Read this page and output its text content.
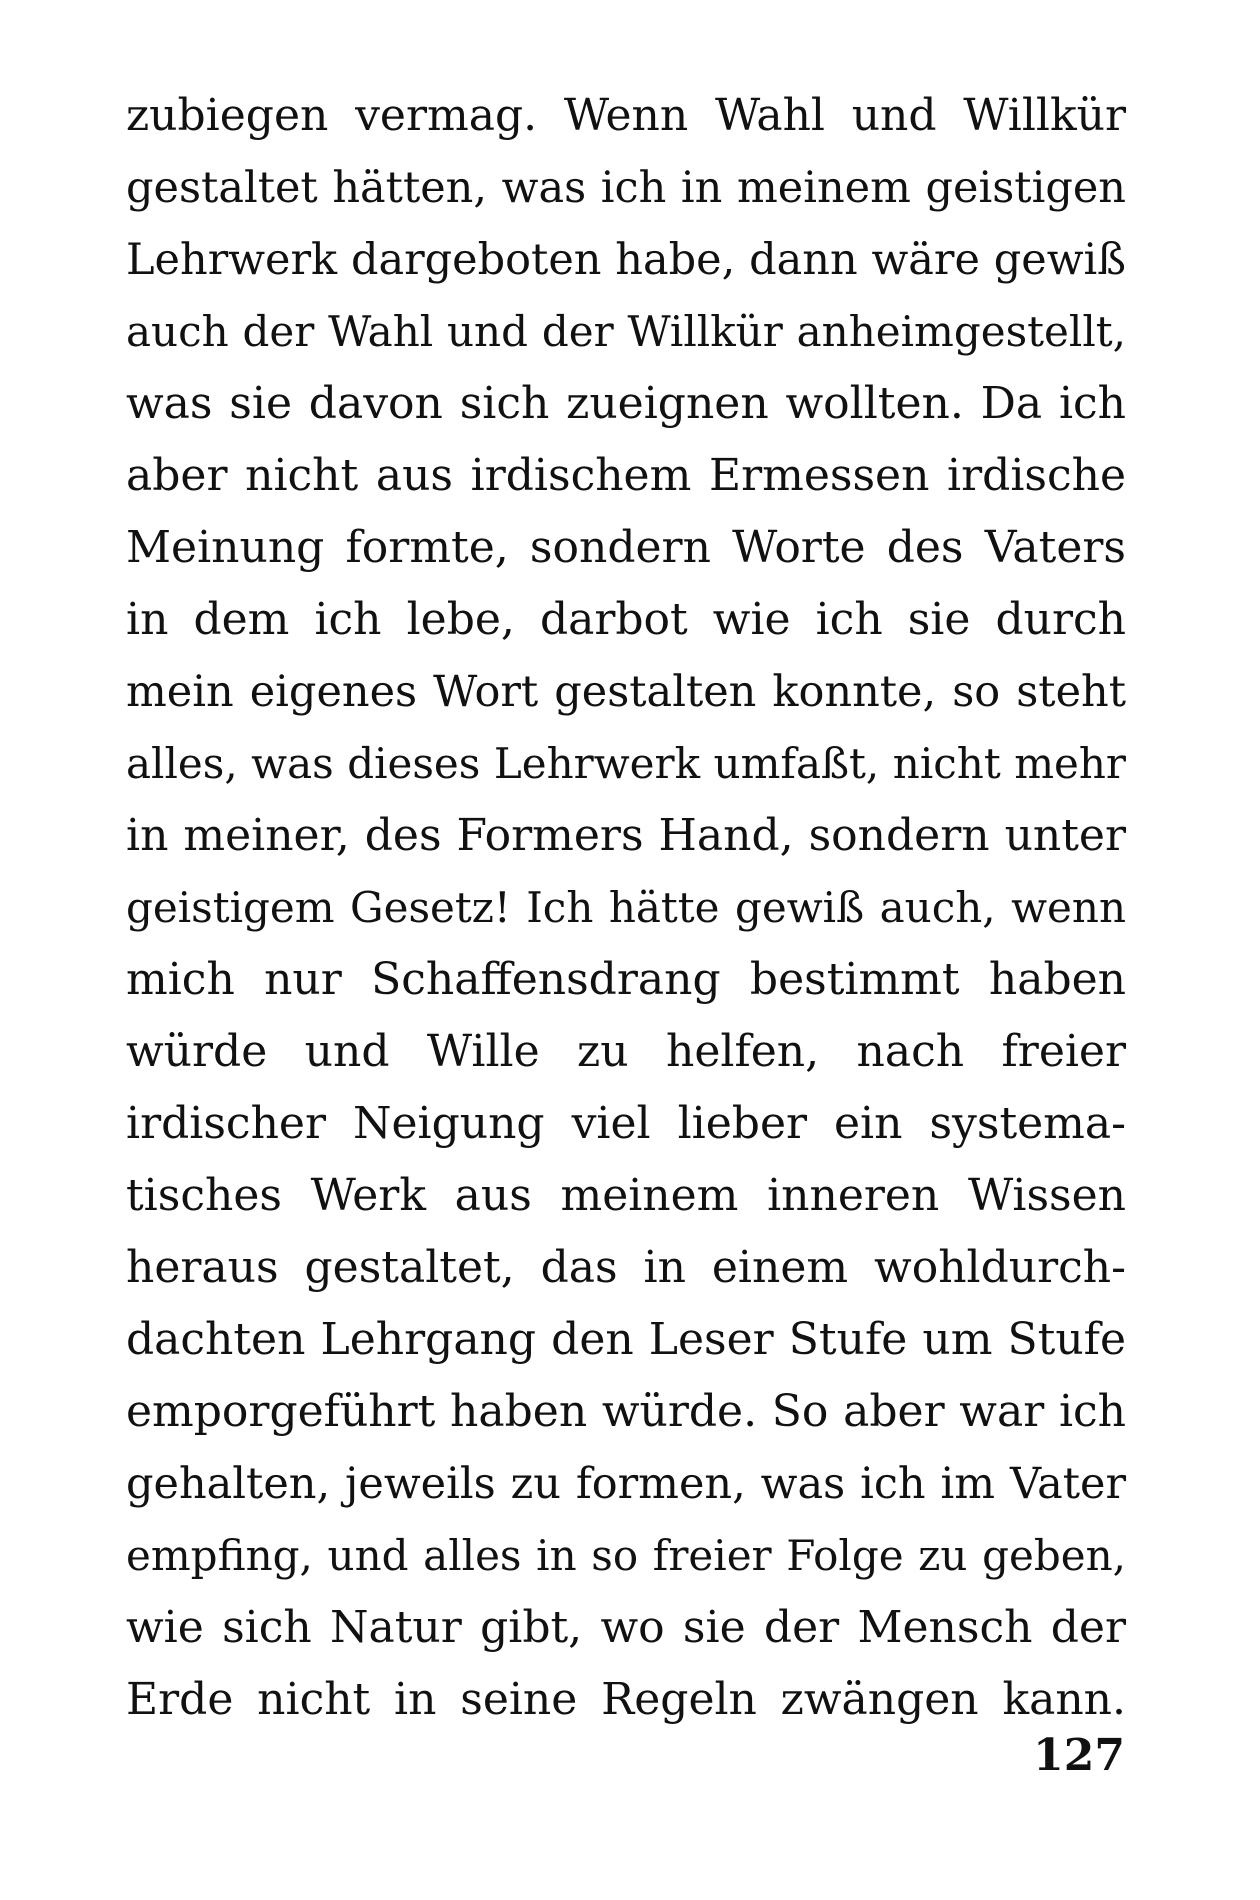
zubiegen vermag. Wenn Wahl und Willkür
gestaltet hätten, was ich in meinem geistigen
Lehrwerk dargeboten habe, dann wäre gewiß
auch der Wahl und der Willkür anheimgestellt,
was sie davon sich zueignen wollten. Da ich
aber nicht aus irdischem Ermessen irdische
Meinung formte, sondern Worte des Vaters
in dem ich lebe, darbot wie ich sie durch
mein eigenes Wort gestalten konnte, so steht
alles, was dieses Lehrwerk umfaßt, nicht mehr
in meiner, des Formers Hand, sondern unter
geistigem Gesetz! Ich hätte gewiß auch, wenn
mich nur Schaffensdrang bestimmt haben
würde und Wille zu helfen, nach freier
irdischer Neigung viel lieber ein systema-
tisches Werk aus meinem inneren Wissen
heraus gestaltet, das in einem wohldurch-
dachten Lehrgang den Leser Stufe um Stufe
emporgeführt haben würde. So aber war ich
gehalten, jeweils zu formen, was ich im Vater
empfing, und alles in so freier Folge zu geben,
wie sich Natur gibt, wo sie der Mensch der
Erde nicht in seine Regeln zwängen kann.
127
